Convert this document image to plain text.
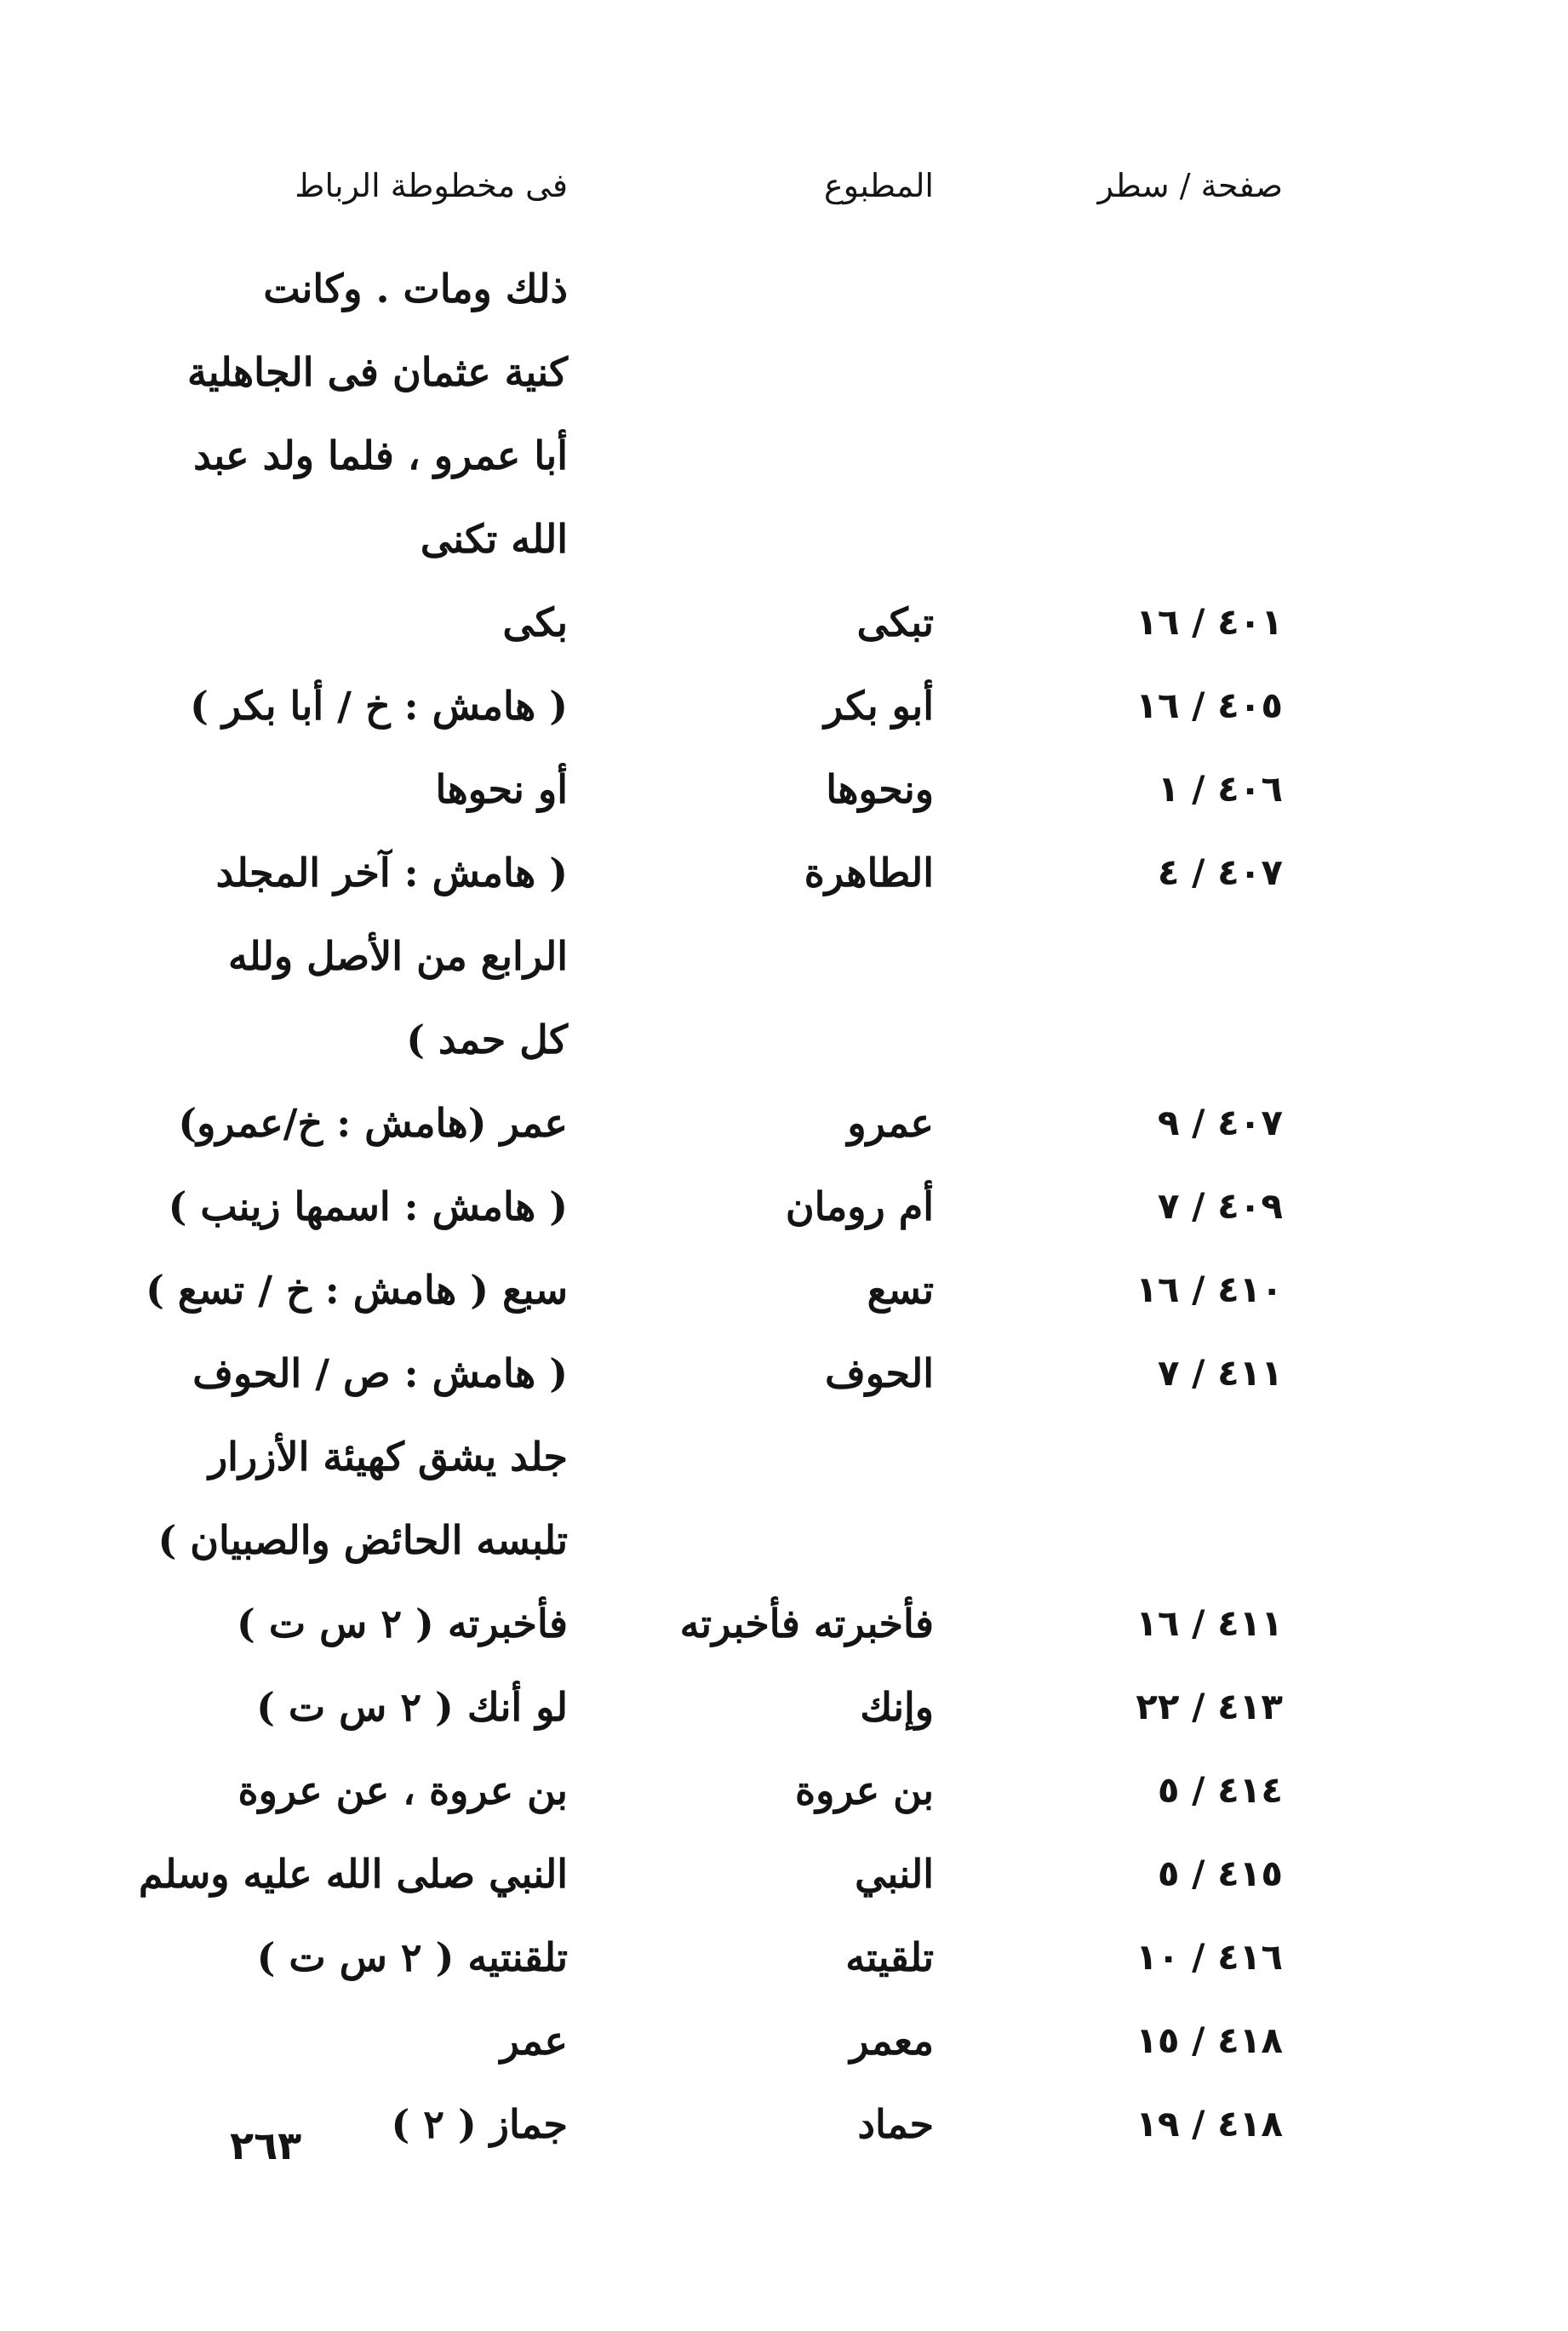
صفحة / سطر
المطبوع
فى مخطوطة الرباط
ذلك ومات . وكانت
كنية عثمان فى الجاهلية
أبا عمرو ، فلما ولد عبد
الله تكنى
٤٠١ / ١٦
تبكى
بكى
٤٠٥ / ١٦
أبو بكر
( هامش : خ / أبا بكر )
٤٠٦ / ١
ونحوها
أو نحوها
٤٠٧ / ٤
الطاهرة
( هامش : آخر المجلد
الرابع من الأصل ولله
كل حمد )
٤٠٧ / ٩
عمرو
عمر (هامش : خ/عمرو)
٤٠٩ / ٧
أم رومان
( هامش : اسمها زينب )
٤١٠ / ١٦
تسع
سبع ( هامش : خ / تسع )
٤١١ / ٧
الحوف
( هامش : ص / الحوف
جلد يشق كهيئة الأزرار
تلبسه الحائض والصبيان )
٤١١ / ١٦
فأخبرته فأخبرته
فأخبرته ( ٢ س ت )
٤١٣ / ٢٢
وإنك
لو أنك ( ٢ س ت )
٤١٤ / ٥
بن عروة
بن عروة ، عن عروة
٤١٥ / ٥
النبي
النبي صلى الله عليه وسلم
٤١٦ / ١٠
تلقيته
تلقنتيه ( ٢ س ت )
٤١٨ / ١٥
معمر
عمر
٤١٨ / ١٩
حماد
جماز ( ٢ )
٢٦٣
